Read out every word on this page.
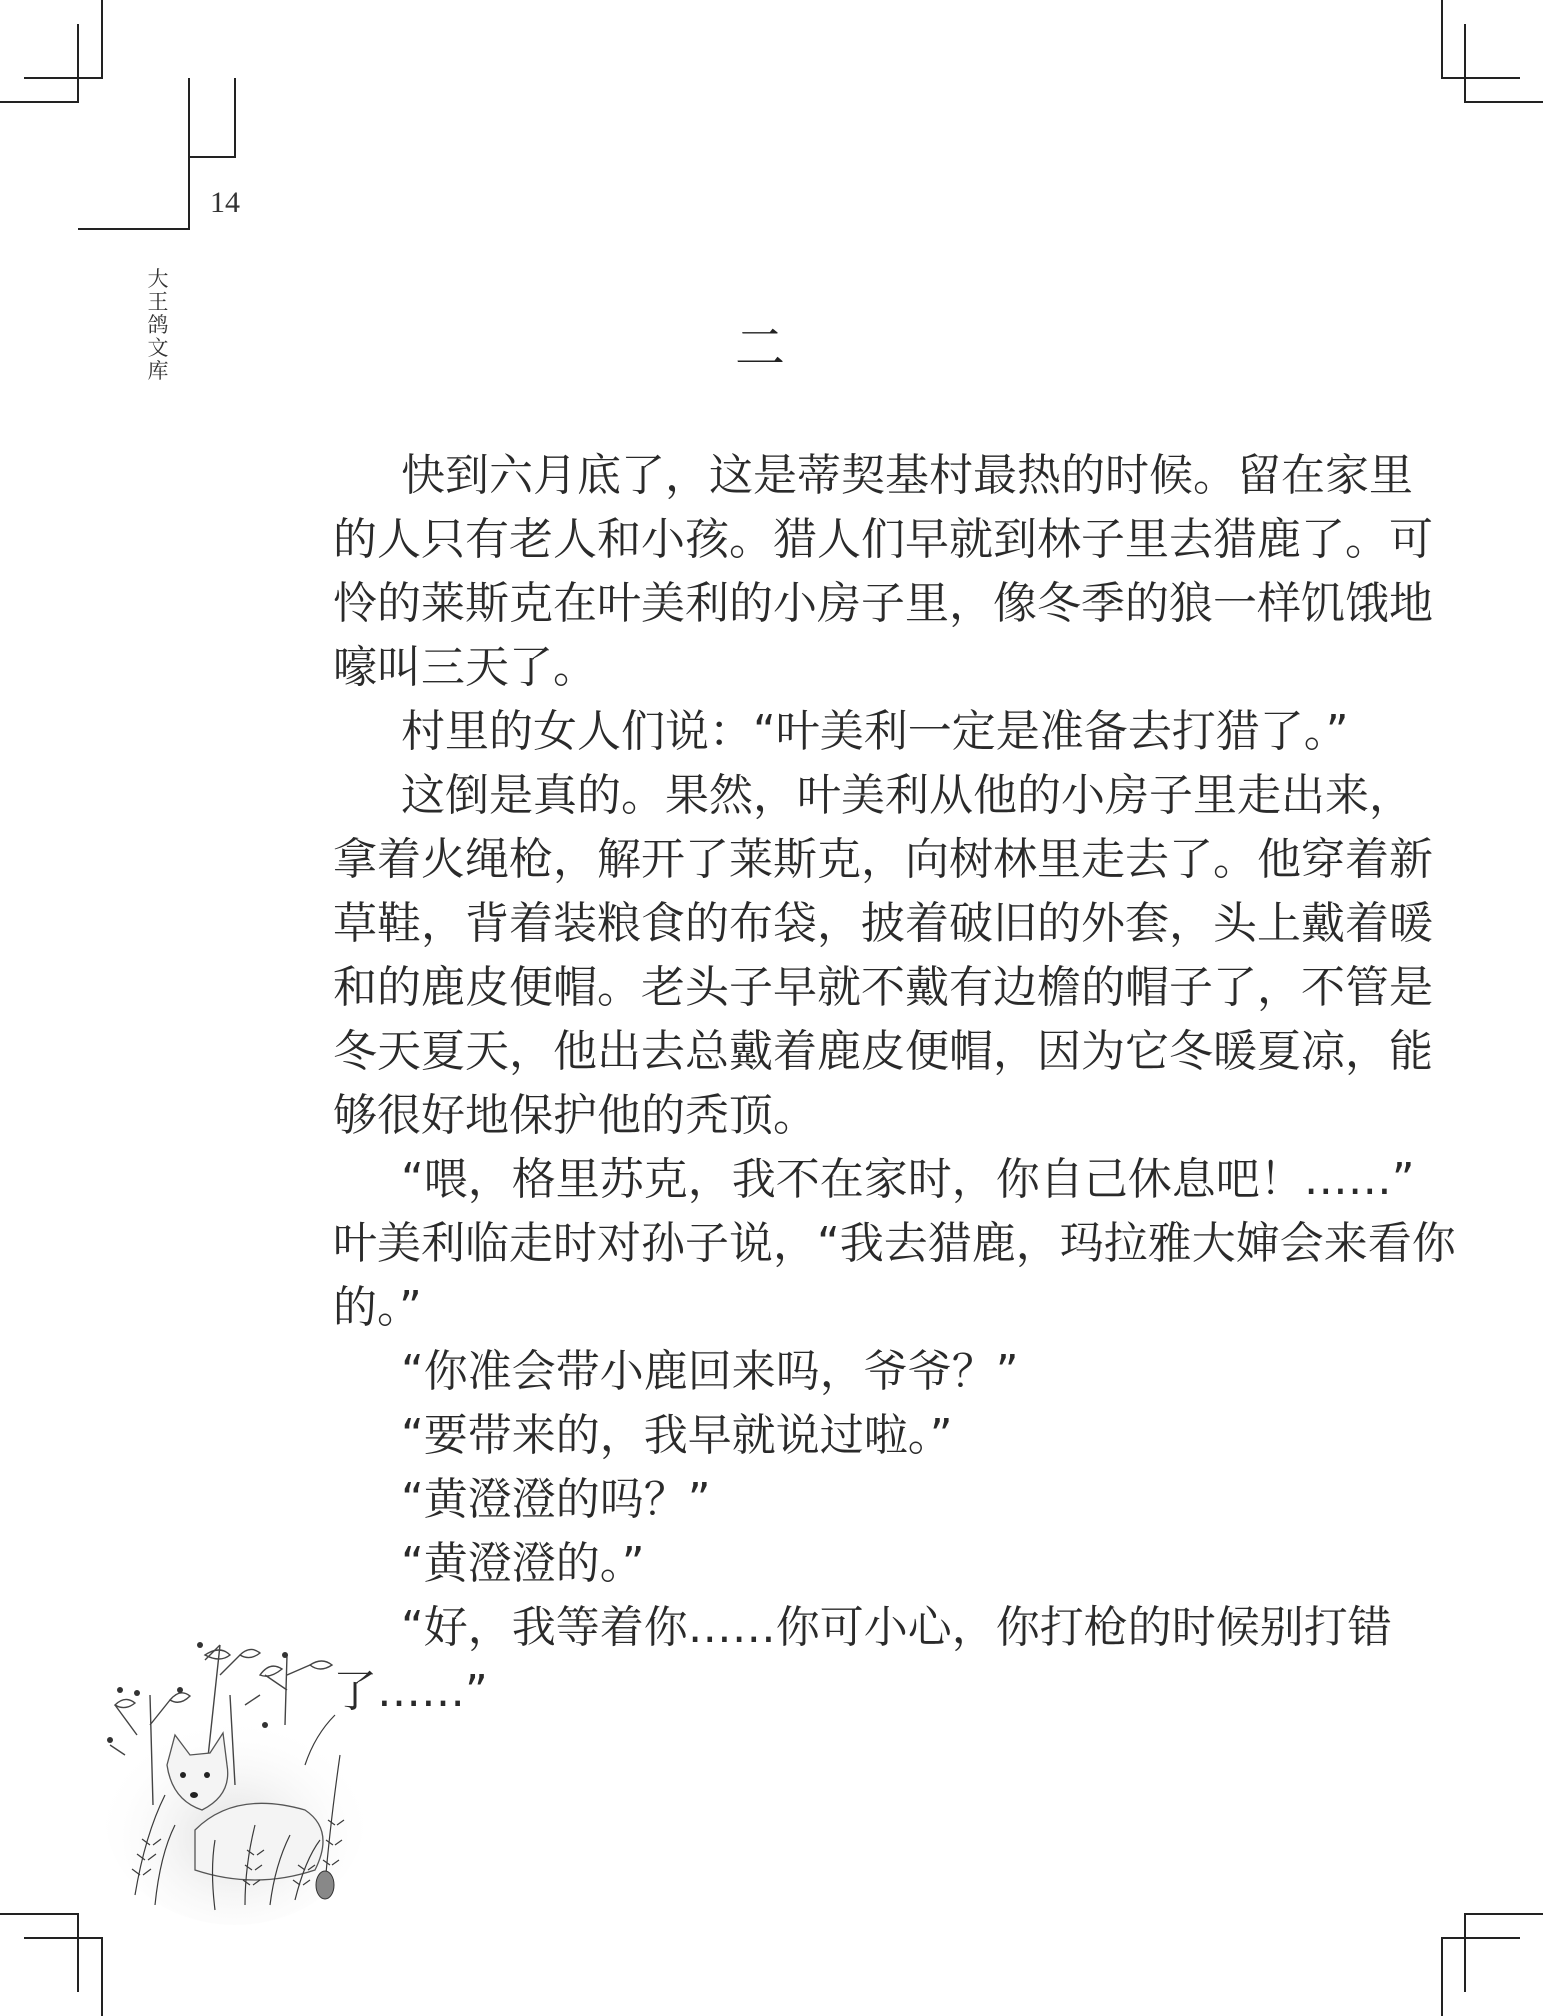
14
大
王
鸽
文
库	二
快到六月底了，这是蒂契基村最热的时候。留在家里
的人只有老人和小孩。猎人们早就到林子里去猎鹿了。可
怜的莱斯克在叶美利的小房子里，像冬季的狼一样饥饿地
嚎叫三天了。
村里的女人们说：“叶美利一定是准备去打猎了。”
这倒是真的。果然，叶美利从他的小房子里走出来，
拿着火绳枪，解开了莱斯克，向树林里走去了。他穿着新
草鞋，背着装粮食的布袋，披着破旧的外套，头上戴着暖
和的鹿皮便帽。老头子早就不戴有边檐的帽子了，不管是
冬天夏天，他出去总戴着鹿皮便帽，因为它冬暖夏凉，能
够很好地保护他的秃顶。
“喂，格里苏克，我不在家时，你自己休息吧！……”
叶美利临走时对孙子说，“我去猎鹿，玛拉雅大婶会来看你
的。”
“你准会带小鹿回来吗，爷爷？”
“要带来的，我早就说过啦。”
“黄澄澄的吗？”
“黄澄澄的。”
“好，我等着你……你可小心，你打枪的时候别打错
了……”
